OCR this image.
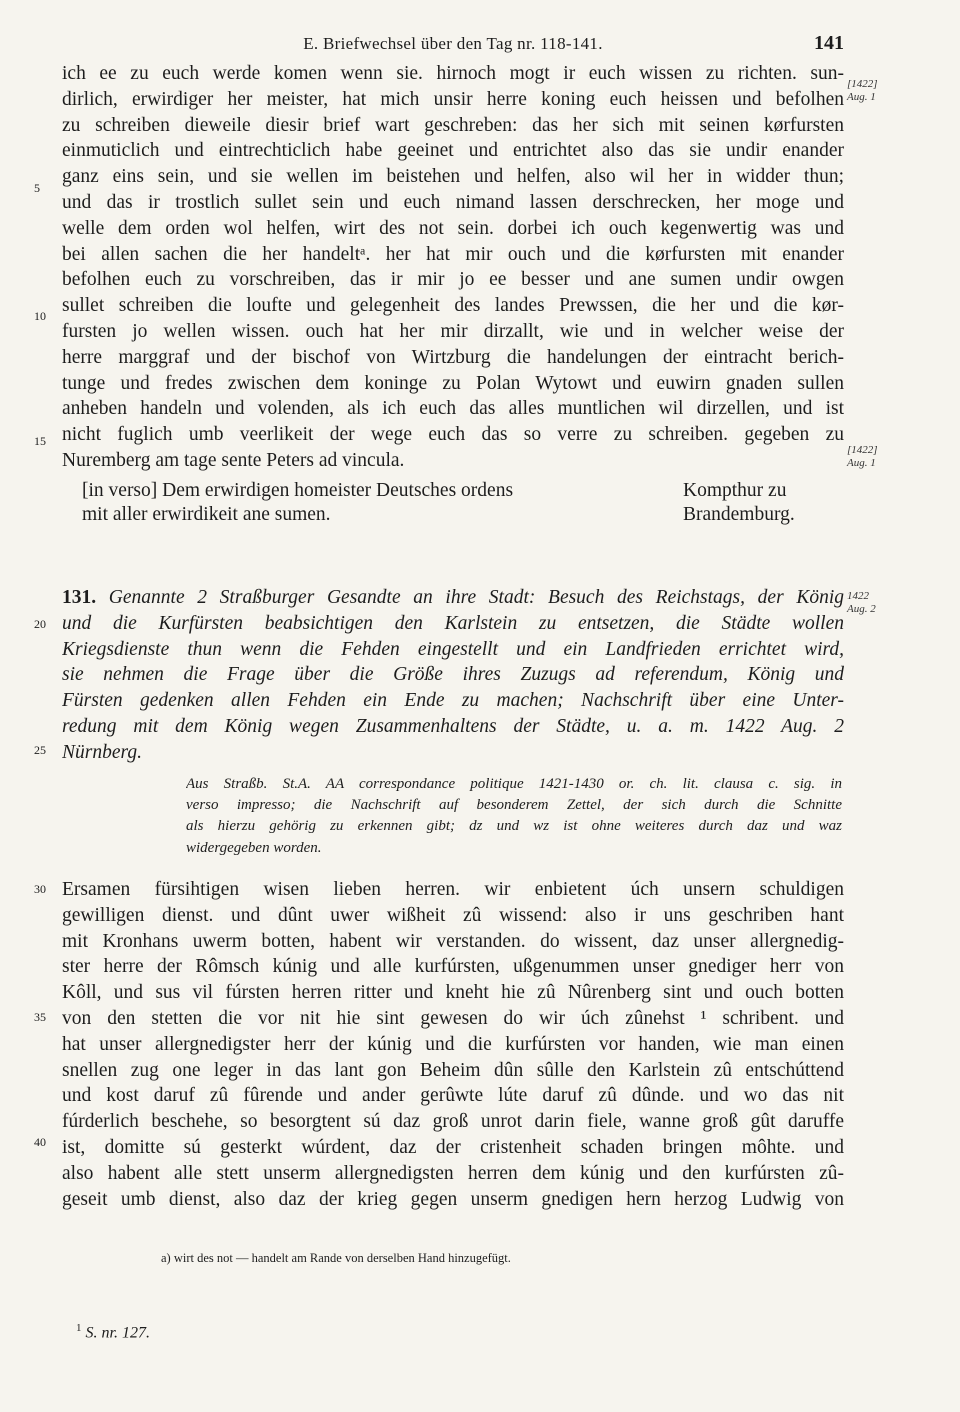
E. Briefwechsel über den Tag nr. 118-141.	141
ich ee zu euch werde komen wenn sie. hirnoch mogt ir euch wissen zu richten. sun-
dirlich, erwirdiger her meister, hat mich unsir herre koning euch heissen und befolhen
zu schreiben dieweile diesir brief wart geschreben: das her sich mit seinen kørfursten
einmuticlich und eintrechticlich habe geeinet und entrichtet also das sie undir enander
ganz eins sein, und sie wellen im beistehen und helfen, also wil her in widder thun;
und das ir trostlich sullet sein und euch nimand lassen derschrecken, her moge und
welle dem orden wol helfen, wirt des not sein. dorbei ich ouch kegenwertig was und
bei allen sachen die her handeltᵃ. her hat mir ouch und die kørfursten mit enander
befolhen euch zu vorschreiben, das ir mir jo ee besser und ane sumen undir owgen
sullet schreiben die loufte und gelegenheit des landes Prewssen, die her und die kør-
fursten jo wellen wissen. ouch hat her mir dirzallt, wie und in welcher weise der
herre marggraf und der bischof von Wirtzburg die handelungen der eintracht berich-
tunge und fredes zwischen dem koninge zu Polan Wytowt und euwirn gnaden sullen
anheben handeln und volenden, als ich euch das alles muntlichen wil dirzellen, und ist
nicht fuglich umb veerlikeit der wege euch das so verre zu schreiben. gegeben zu
Nuremberg am tage sente Peters ad vincula.
[1422]
Aug. 1
[1422]
Aug. 1
1422
Aug. 2
[in verso] Dem erwirdigen homeister Deutsches ordens
mit aller erwirdikeit ane sumen.
Kompthur zu
Brandemburg.
131. Genannte 2 Straßburger Gesandte an ihre Stadt: Besuch des Reichstags, der König
und die Kurfürsten beabsichtigen den Karlstein zu entsetzen, die Städte wollen
Kriegsdienste thun wenn die Fehden eingestellt und ein Landfrieden errichtet wird,
sie nehmen die Frage über die Größe ihres Zuzugs ad referendum, König und
Fürsten gedenken allen Fehden ein Ende zu machen; Nachschrift über eine Unter-
redung mit dem König wegen Zusammenhaltens der Städte, u. a. m. 1422 Aug. 2
Nürnberg.
Aus Straßb. St.A. AA correspondance politique 1421-1430 or. ch. lit. clausa c. sig. in
verso impresso; die Nachschrift auf besonderem Zettel, der sich durch die Schnitte
als hierzu gehörig zu erkennen gibt; dz und wz ist ohne weiteres durch daz und waz
widergegeben worden.
Ersamen fürsihtigen wisen lieben herren. wir enbietent úch unsern schuldigen
gewilligen dienst. und dûnt uwer wißheit zû wissend: also ir uns geschriben hant
mit Kronhans uwerm botten, habent wir verstanden. do wissent, daz unser allergnedig-
ster herre der Rômsch kúnig und alle kurfúrsten, ußgenummen unser gnediger herr von
Kôll, und sus vil fúrsten herren ritter und kneht hie zû Nûrenberg sint und ouch botten
von den stetten die vor nit hie sint gewesen do wir úch zûnehst ¹ schribent. und
hat unser allergnedigster herr der kúnig und die kurfúrsten vor handen, wie man einen
snellen zug one leger in das lant gon Beheim dûn sûlle den Karlstein zû entschúttend
und kost daruf zû fûrende und ander gerûwte lúte daruf zû dûnde. und wo das nit
fúrderlich beschehe, so besorgtent sú daz groß unrot darin fiele, wanne groß gût daruffe
ist, domitte sú gesterkt wúrdent, daz der cristenheit schaden bringen môhte. und
also habent alle stett unserm allergnedigsten herren dem kúnig und den kurfúrsten zû-
geseit umb dienst, also daz der krieg gegen unserm gnedigen hern herzog Ludwig von
5
10
15
20
25
30
35
40
a) wirt des not — handelt am Rande von derselben Hand hinzugefügt.
$^1$ S. nr. 127.
